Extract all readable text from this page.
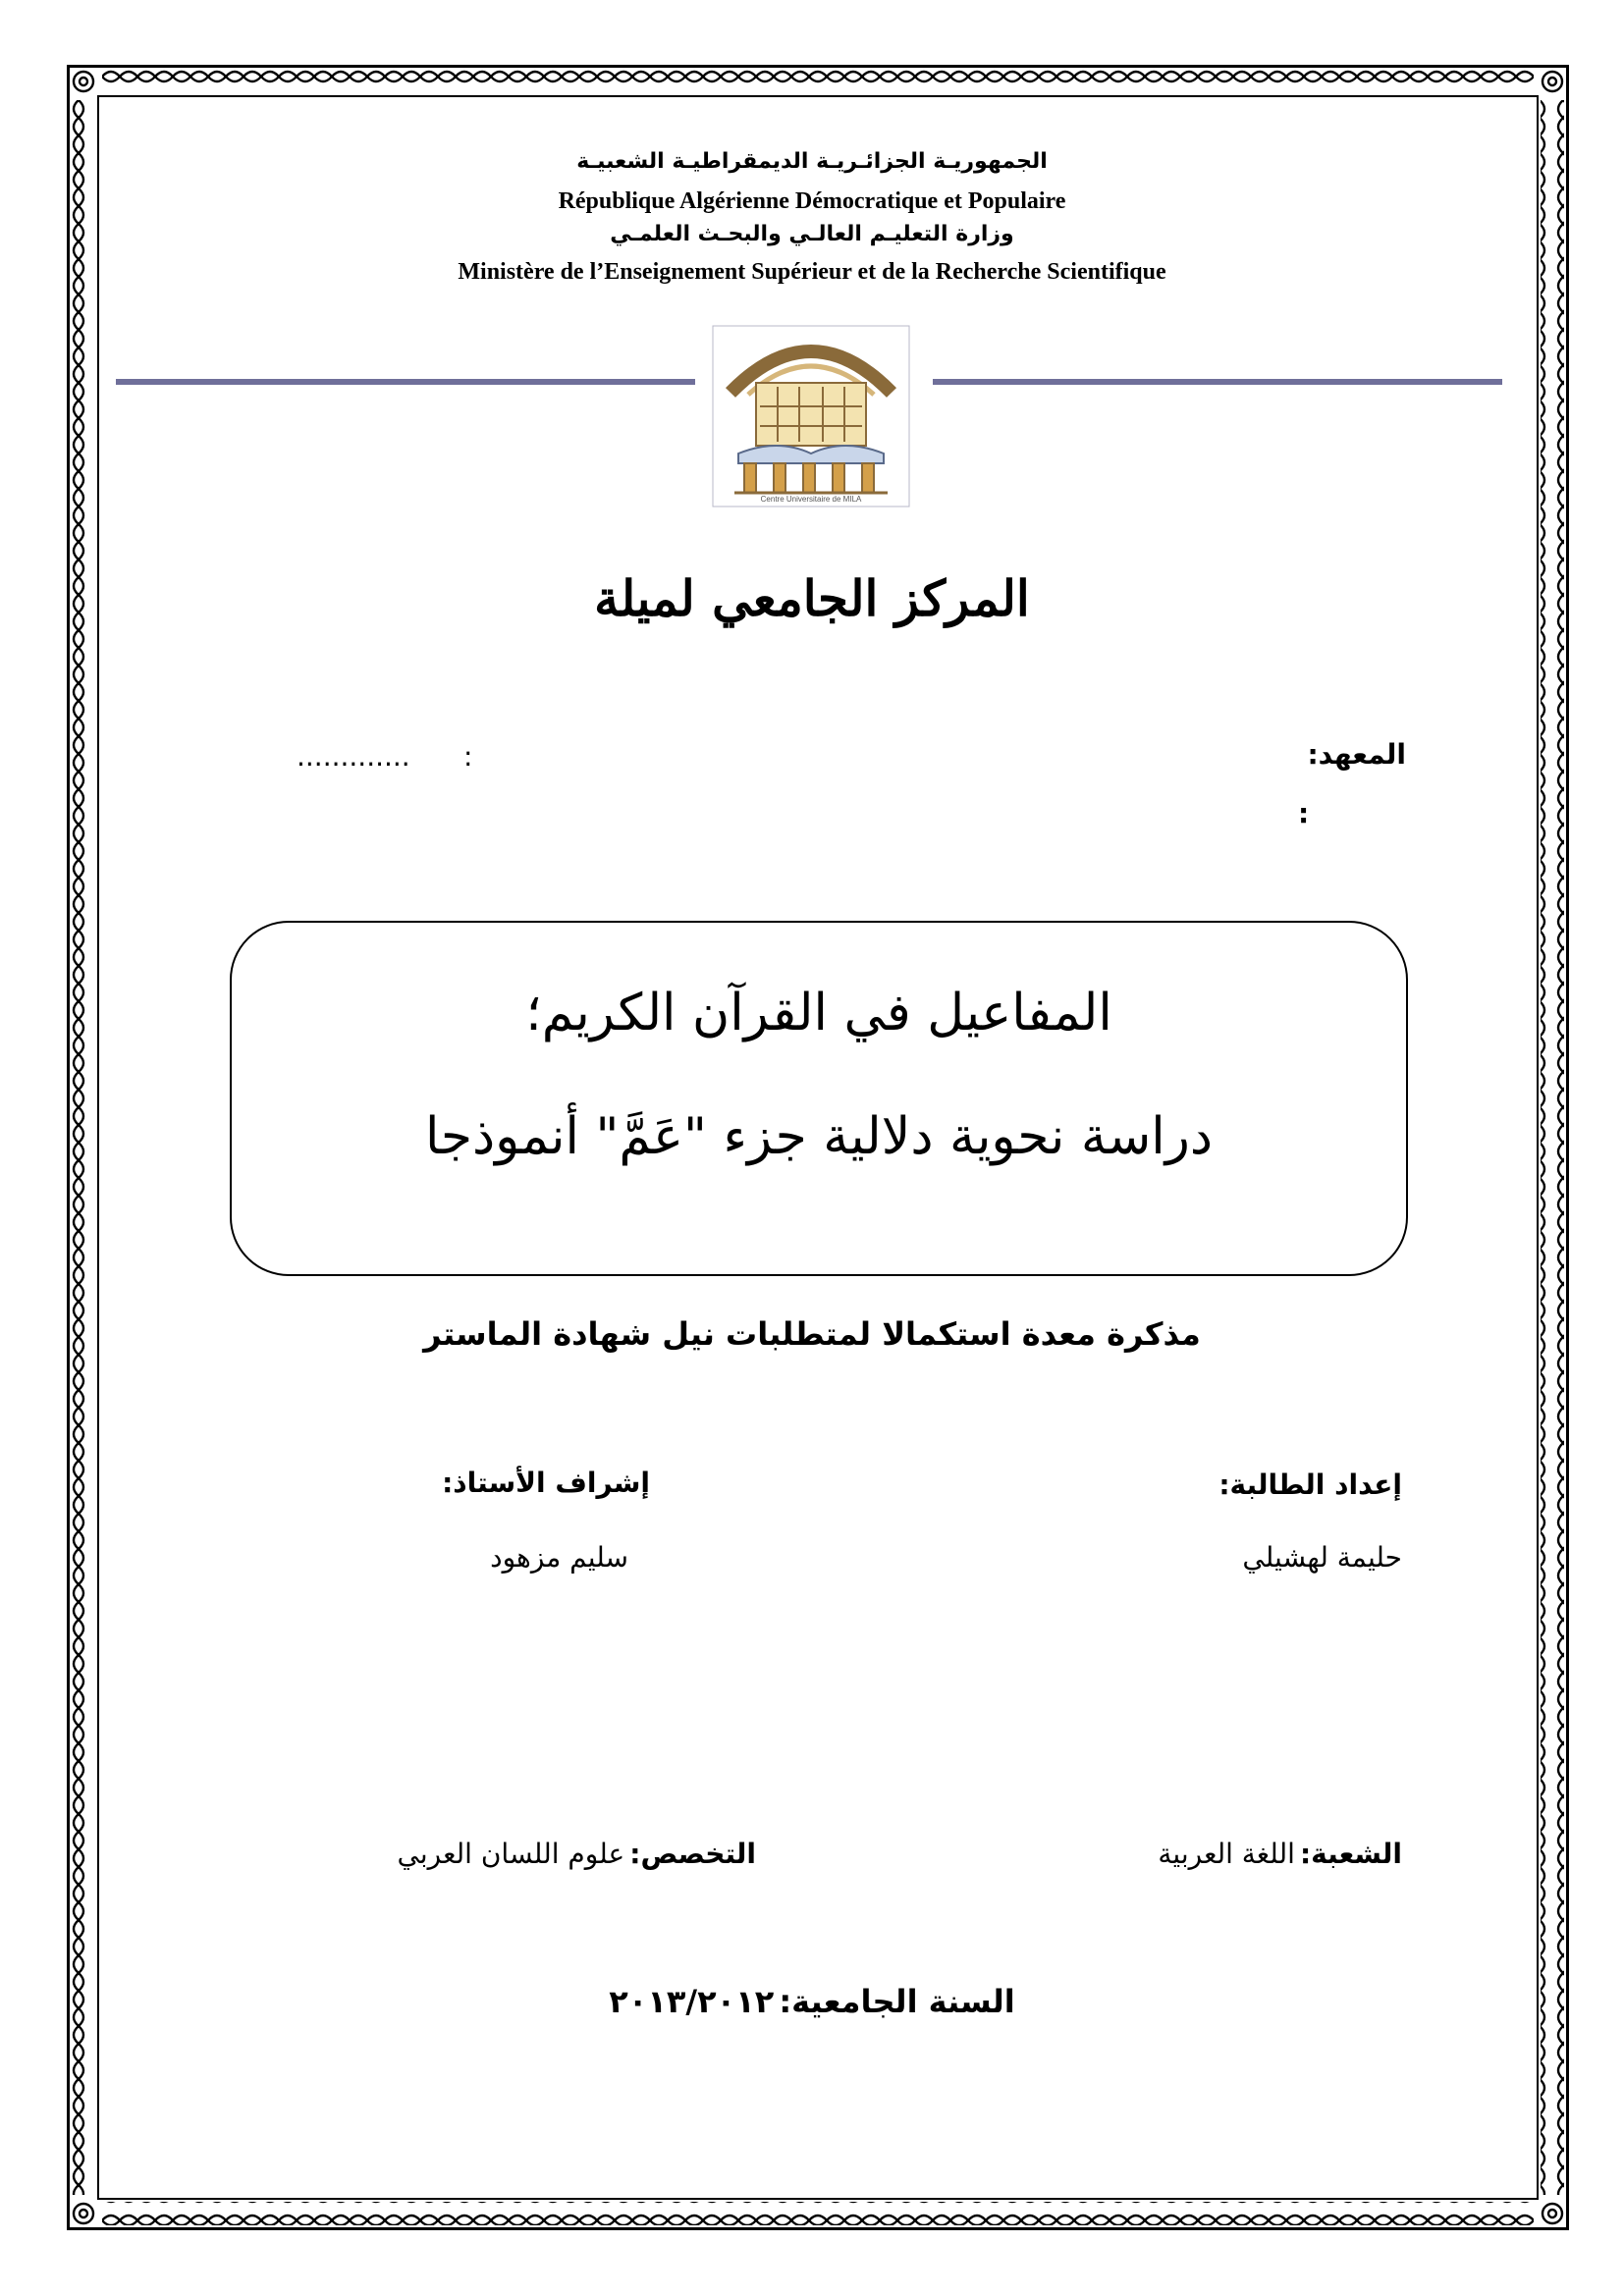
الجمهوريـة الجزائـريـة الديمقراطيـة الشعبيـة
République Algérienne Démocratique et Populaire
وزارة التعليـم العالـي والبحـث العلمـي
Ministère de l’Enseignement Supérieur et de la Recherche Scientifique
Centre Universitaire de MILA
المركز الجامعي لميلة
المعهد:
:
:
.............
المفاعيل في القرآن الكريم؛
دراسة نحوية دلالية جزء "عَمَّ" أنموذجا
مذكرة معدة استكمالا لمتطلبات نيل شهادة الماستر
إعداد الطالبة:
حليمة لهشيلي
إشراف الأستاذ:
سليم مزهود
الشعبة: اللغة العربية
التخصص: علوم اللسان العربي
السنة الجامعية: ٢٠١٣/٢٠١٢
